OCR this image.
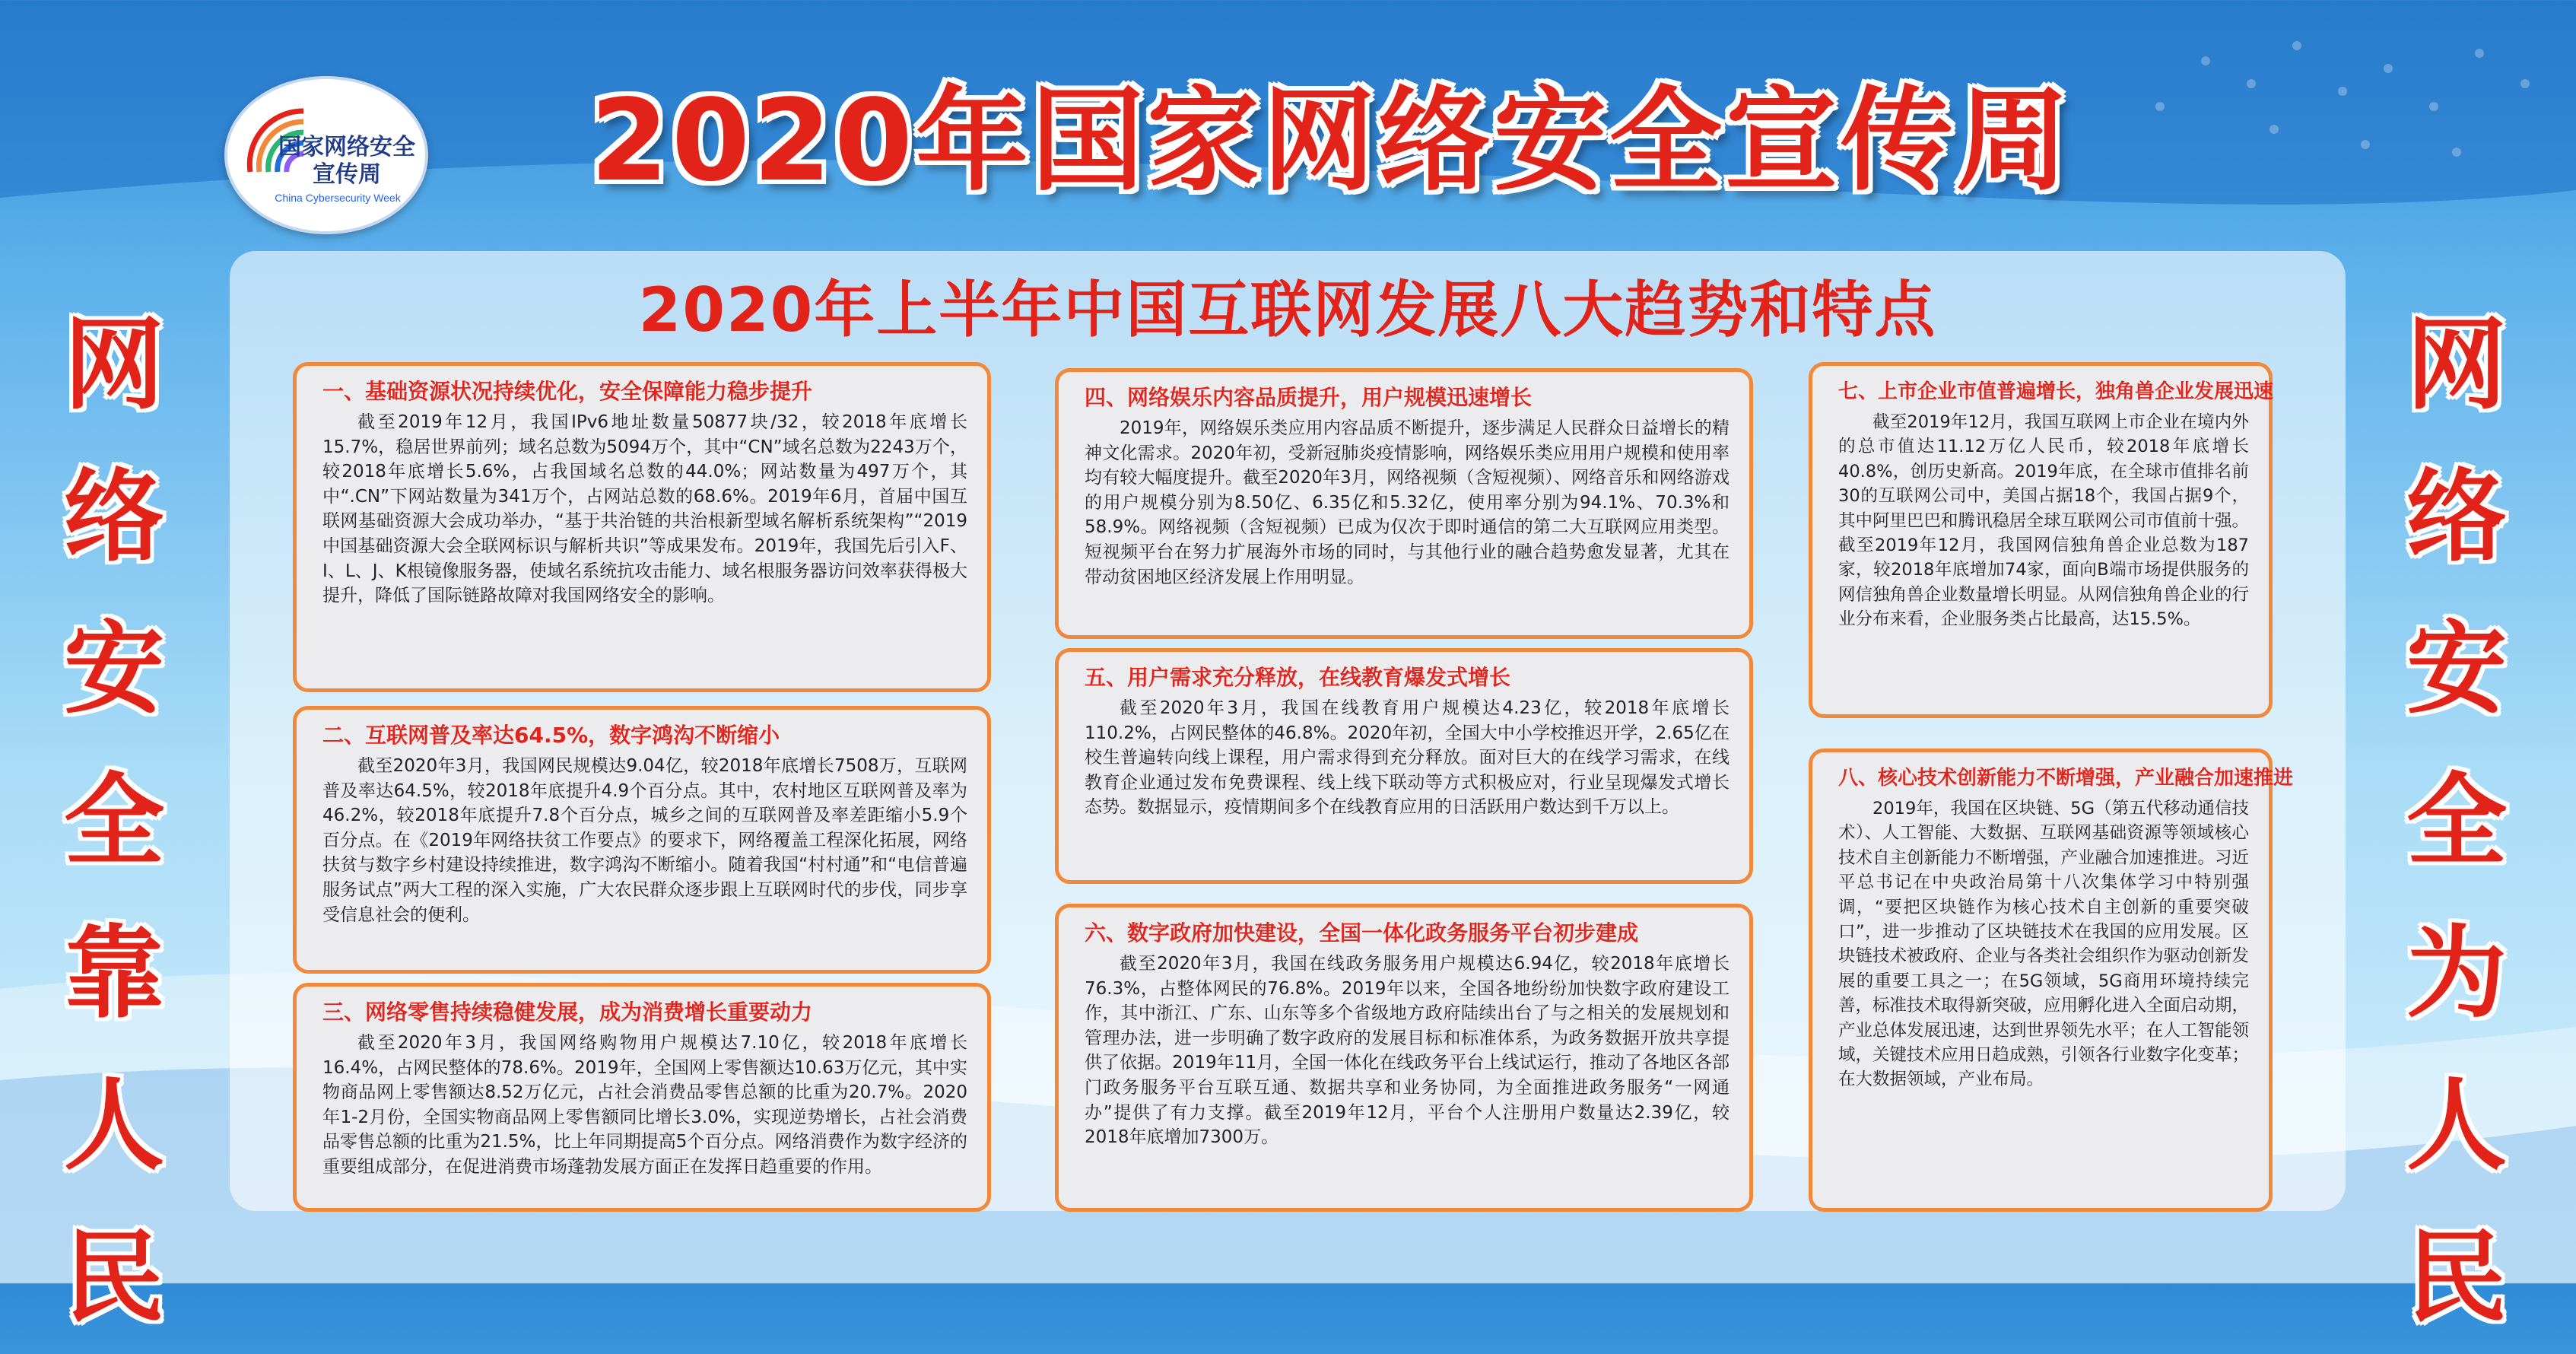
国家网络安全宣传周
China Cybersecurity Week	2020年国家网络安全宣传周
网
络
安
全
靠
人
民
网
络
安
全
为
人
民
2020年上半年中国互联网发展八大趋势和特点
一、基础资源状况持续优化，安全保障能力稳步提升
截至2019年12月，我国IPv6地址数量50877块/32，较2018年底增长15.7%，稳居世界前列；域名总数为5094万个，其中“CN”域名总数为2243万个，较2018年底增长5.6%，占我国域名总数的44.0%；网站数量为497万个，其中“.CN”下网站数量为341万个，占网站总数的68.6%。2019年6月，首届中国互联网基础资源大会成功举办，“基于共治链的共治根新型域名解析系统架构”“2019中国基础资源大会全联网标识与解析共识”等成果发布。2019年，我国先后引入F、I、L、J、K根镜像服务器，使域名系统抗攻击能力、域名根服务器访问效率获得极大提升，降低了国际链路故障对我国网络安全的影响。
二、互联网普及率达64.5%，数字鸿沟不断缩小
截至2020年3月，我国网民规模达9.04亿，较2018年底增长7508万，互联网普及率达64.5%，较2018年底提升4.9个百分点。其中，农村地区互联网普及率为46.2%，较2018年底提升7.8个百分点，城乡之间的互联网普及率差距缩小5.9个百分点。在《2019年网络扶贫工作要点》的要求下，网络覆盖工程深化拓展，网络扶贫与数字乡村建设持续推进，数字鸿沟不断缩小。随着我国“村村通”和“电信普遍服务试点”两大工程的深入实施，广大农民群众逐步跟上互联网时代的步伐，同步享受信息社会的便利。
三、网络零售持续稳健发展，成为消费增长重要动力
截至2020年3月，我国网络购物用户规模达7.10亿，较2018年底增长16.4%，占网民整体的78.6%。2019年，全国网上零售额达10.63万亿元，其中实物商品网上零售额达8.52万亿元，占社会消费品零售总额的比重为20.7%。2020年1-2月份，全国实物商品网上零售额同比增长3.0%，实现逆势增长，占社会消费品零售总额的比重为21.5%，比上年同期提高5个百分点。网络消费作为数字经济的重要组成部分，在促进消费市场蓬勃发展方面正在发挥日趋重要的作用。
四、网络娱乐内容品质提升，用户规模迅速增长
2019年，网络娱乐类应用内容品质不断提升，逐步满足人民群众日益增长的精神文化需求。2020年初，受新冠肺炎疫情影响，网络娱乐类应用用户规模和使用率均有较大幅度提升。截至2020年3月，网络视频（含短视频）、网络音乐和网络游戏的用户规模分别为8.50亿、6.35亿和5.32亿，使用率分别为94.1%、70.3%和58.9%。网络视频（含短视频）已成为仅次于即时通信的第二大互联网应用类型。短视频平台在努力扩展海外市场的同时，与其他行业的融合趋势愈发显著，尤其在带动贫困地区经济发展上作用明显。
五、用户需求充分释放，在线教育爆发式增长
截至2020年3月，我国在线教育用户规模达4.23亿，较2018年底增长110.2%，占网民整体的46.8%。2020年初，全国大中小学校推迟开学，2.65亿在校生普遍转向线上课程，用户需求得到充分释放。面对巨大的在线学习需求，在线教育企业通过发布免费课程、线上线下联动等方式积极应对，行业呈现爆发式增长态势。数据显示，疫情期间多个在线教育应用的日活跃用户数达到千万以上。
六、数字政府加快建设，全国一体化政务服务平台初步建成
截至2020年3月，我国在线政务服务用户规模达6.94亿，较2018年底增长76.3%，占整体网民的76.8%。2019年以来，全国各地纷纷加快数字政府建设工作，其中浙江、广东、山东等多个省级地方政府陆续出台了与之相关的发展规划和管理办法，进一步明确了数字政府的发展目标和标准体系，为政务数据开放共享提供了依据。2019年11月，全国一体化在线政务平台上线试运行，推动了各地区各部门政务服务平台互联互通、数据共享和业务协同，为全面推进政务服务“一网通办”提供了有力支撑。截至2019年12月，平台个人注册用户数量达2.39亿，较2018年底增加7300万。
七、上市企业市值普遍增长，独角兽企业发展迅速
截至2019年12月，我国互联网上市企业在境内外的总市值达11.12万亿人民币，较2018年底增长40.8%，创历史新高。2019年底，在全球市值排名前30的互联网公司中，美国占据18个，我国占据9个，其中阿里巴巴和腾讯稳居全球互联网公司市值前十强。截至2019年12月，我国网信独角兽企业总数为187家，较2018年底增加74家，面向B端市场提供服务的网信独角兽企业数量增长明显。从网信独角兽企业的行业分布来看，企业服务类占比最高，达15.5%。
八、核心技术创新能力不断增强，产业融合加速推进
2019年，我国在区块链、5G（第五代移动通信技术）、人工智能、大数据、互联网基础资源等领域核心技术自主创新能力不断增强，产业融合加速推进。习近平总书记在中央政治局第十八次集体学习中特别强调，“要把区块链作为核心技术自主创新的重要突破口”，进一步推动了区块链技术在我国的应用发展。区块链技术被政府、企业与各类社会组织作为驱动创新发展的重要工具之一；在5G领域，5G商用环境持续完善，标准技术取得新突破，应用孵化进入全面启动期，产业总体发展迅速，达到世界领先水平；在人工智能领域，关键技术应用日趋成熟，引领各行业数字化变革；在大数据领域，产业布局。
